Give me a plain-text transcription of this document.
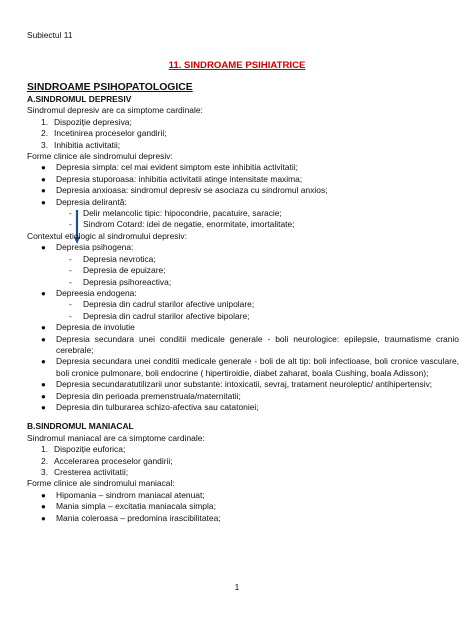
Subiectul 11
11. SINDROAME PSIHIATRICE
SINDROAME PSIHOPATOLOGICE
A.SINDROMUL DEPRESIV
Sindromul depresiv are ca simptome cardinale:
1. Dispoziție depresiva;
2. Incetinirea proceselor gandirii;
3. Inhibitia activitatii;
Forme clinice ale sindromului depresiv:
●	Depresia simpla: cel mai evident simptom este inhibitia activitatii;
●	Depresia stuporoasa: inhibitia activitatii atinge intensitate maxima;
●	Depresia anxioasa: sindromul depresiv se asociaza cu sindromul anxios;
●	Depresia delirantă:
-	Delir melancolic tipic: hipocondrie, pacatuire, saracie;
-	Sindrom Cotard: idei de negatie, enormitate, imortalitate;
Contextul etiologic al sindromului depresiv:
●	Depresia psihogena:
-	Depresia nevrotica;
-	Depresia de epuizare;
-	Depresia psihoreactiva;
●	Depreesia endogena:
-	Depresia din cadrul starilor afective unipolare;
-	Depresia din cadrul starilor afective bipolare;
●	Depresia de involutie
●	Depresia secundara unei conditii medicale generale - boli neurologice: epilepsie, traumatisme cranio cerebrale;
●	Depresia secundara unei conditii medicale generale - boli de alt tip: boli infectioase, boli cronice vasculare, boli cronice pulmonare, boli endocrine ( hipertiroidie, diabet zaharat, boala Cushing, boala Adisson);
●	Depresia secundaratutilizarii unor substante: intoxicatii, sevraj, tratament neuroleptic/ antihipertensiv;
●	Depresia din perioada premenstruala/maternitatii;
●	Depresia din tulburarea schizo-afectiva sau catatoniei;
B.SINDROMUL MANIACAL
Sindromul maniacal are ca simptome cardinale:
1. Dispoziție euforica;
2. Accelerarea proceselor gandirii;
3. Cresterea activitatii;
Forme clinice ale sindromului maniacal:
●	Hipomania – sindrom maniacal atenuat;
●	Mania simpla – excitatia maniacala simpla;
●	Mania coleroasa – predomina irascibilitatea;
1
